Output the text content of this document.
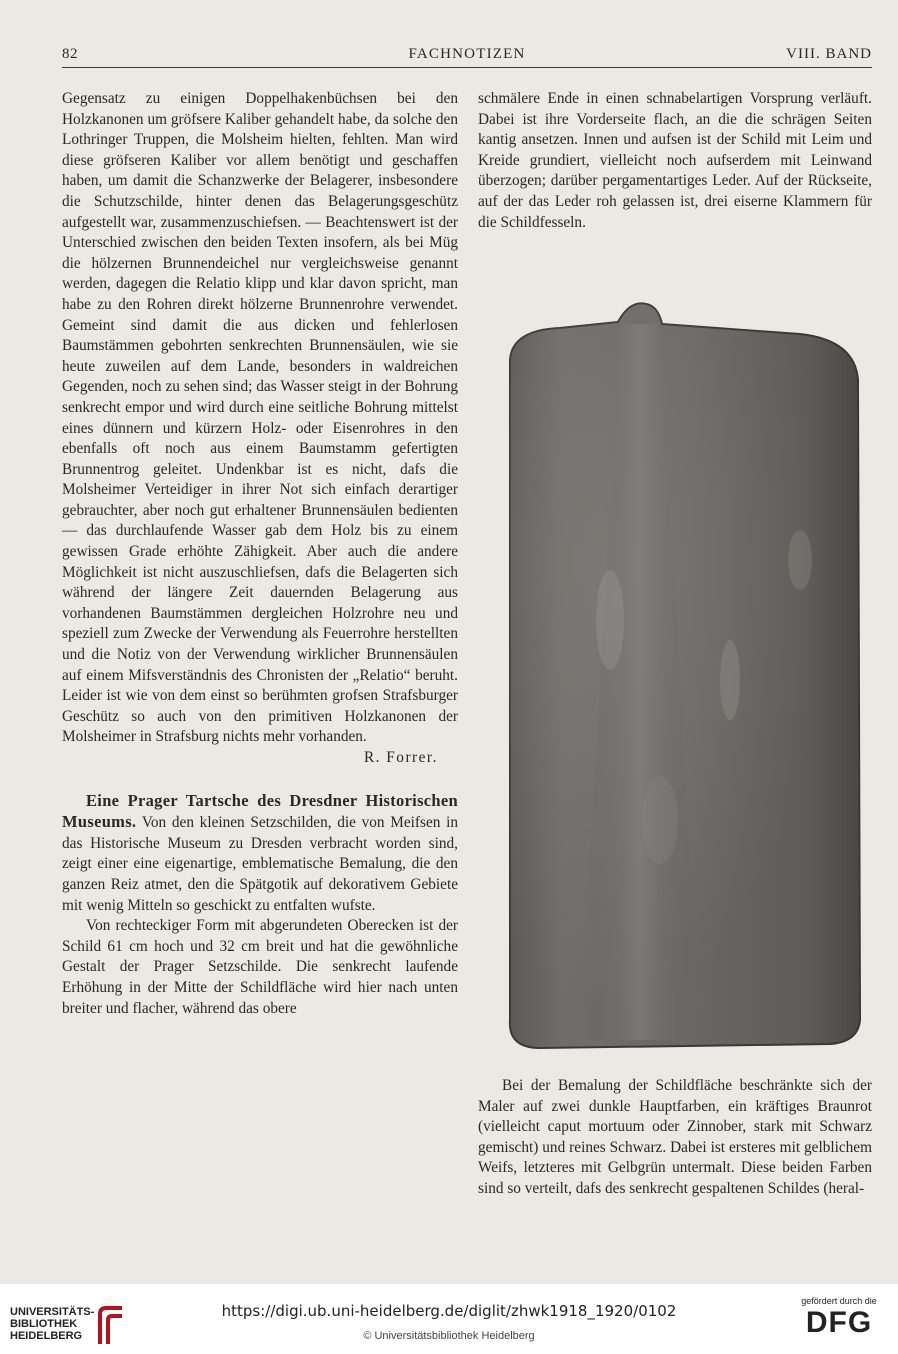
82	FACHNOTIZEN	VIII. BAND

Gegensatz zu einigen Doppelhakenbüchsen bei den Holzkanonen um gröfsere Kaliber gehandelt habe, da solche den Lothringer Truppen, die Molsheim hielten, fehlten. Man wird diese gröfseren Kaliber vor allem benötigt und geschaffen haben, um damit die Schanzwerke der Belagerer, insbesondere die Schutzschilde, hinter denen das Belagerungsgeschütz aufgestellt war, zusammenzuschiefsen. — Beachtenswert ist der Unterschied zwischen den beiden Texten insofern, als bei Müg die hölzernen Brunnendeichel nur vergleichsweise genannt werden, dagegen die Relatio klipp und klar davon spricht, man habe zu den Rohren direkt hölzerne Brunnenrohre verwendet. Gemeint sind damit die aus dicken und fehlerlosen Baumstämmen gebohrten senkrechten Brunnensäulen, wie sie heute zuweilen auf dem Lande, besonders in waldreichen Gegenden, noch zu sehen sind; das Wasser steigt in der Bohrung senkrecht empor und wird durch eine seitliche Bohrung mittelst eines dünnern und kürzern Holz- oder Eisenrohres in den ebenfalls oft noch aus einem Baumstamm gefertigten Brunnentrog geleitet. Undenkbar ist es nicht, dafs die Molsheimer Verteidiger in ihrer Not sich einfach derartiger gebrauchter, aber noch gut erhaltener Brunnensäulen bedienten — das durchlaufende Wasser gab dem Holz bis zu einem gewissen Grade erhöhte Zähigkeit. Aber auch die andere Möglichkeit ist nicht auszuschliefsen, dafs die Belagerten sich während der längere Zeit dauernden Belagerung aus vorhandenen Baumstämmen dergleichen Holzrohre neu und speziell zum Zwecke der Verwendung als Feuerrohre herstellten und die Notiz von der Verwendung wirklicher Brunnensäulen auf einem Mifsverständnis des Chronisten der „Relatio“ beruht. Leider ist wie von dem einst so berühmten grofsen Strafsburger Geschütz so auch von den primitiven Holzkanonen der Molsheimer in Strafsburg nichts mehr vorhanden.

R. Forrer.

Eine Prager Tartsche des Dresdner Historischen Museums. Von den kleinen Setzschilden, die von Meifsen in das Historische Museum zu Dresden verbracht worden sind, zeigt einer eine eigenartige, emblematische Bemalung, die den ganzen Reiz atmet, den die Spätgotik auf dekorativem Gebiete mit wenig Mitteln so geschickt zu entfalten wufste.

Von rechteckiger Form mit abgerundeten Oberecken ist der Schild 61 cm hoch und 32 cm breit und hat die gewöhnliche Gestalt der Prager Setzschilde. Die senkrecht laufende Erhöhung in der Mitte der Schildfläche wird hier nach unten breiter und flacher, während das obere

schmälere Ende in einen schnabelartigen Vorsprung verläuft. Dabei ist ihre Vorderseite flach, an die die schrägen Seiten kantig ansetzen. Innen und aufsen ist der Schild mit Leim und Kreide grundiert, vielleicht noch aufserdem mit Leinwand überzogen; darüber pergamentartiges Leder. Auf der Rückseite, auf der das Leder roh gelassen ist, drei eiserne Klammern für die Schildfesseln.

Bei der Bemalung der Schildfläche beschränkte sich der Maler auf zwei dunkle Hauptfarben, ein kräftiges Braunrot (vielleicht caput mortuum oder Zinnober, stark mit Schwarz gemischt) und reines Schwarz. Dabei ist ersteres mit gelblichem Weifs, letzteres mit Gelbgrün untermalt. Diese beiden Farben sind so verteilt, dafs des senkrecht gespaltenen Schildes (heral-

UNIVERSITÄTS-
BIBLIOTHEK
HEIDELBERG
https://digi.ub.uni-heidelberg.de/diglit/zhwk1918_1920/0102
© Universitätsbibliothek Heidelberg
gefördert durch die
DFG
